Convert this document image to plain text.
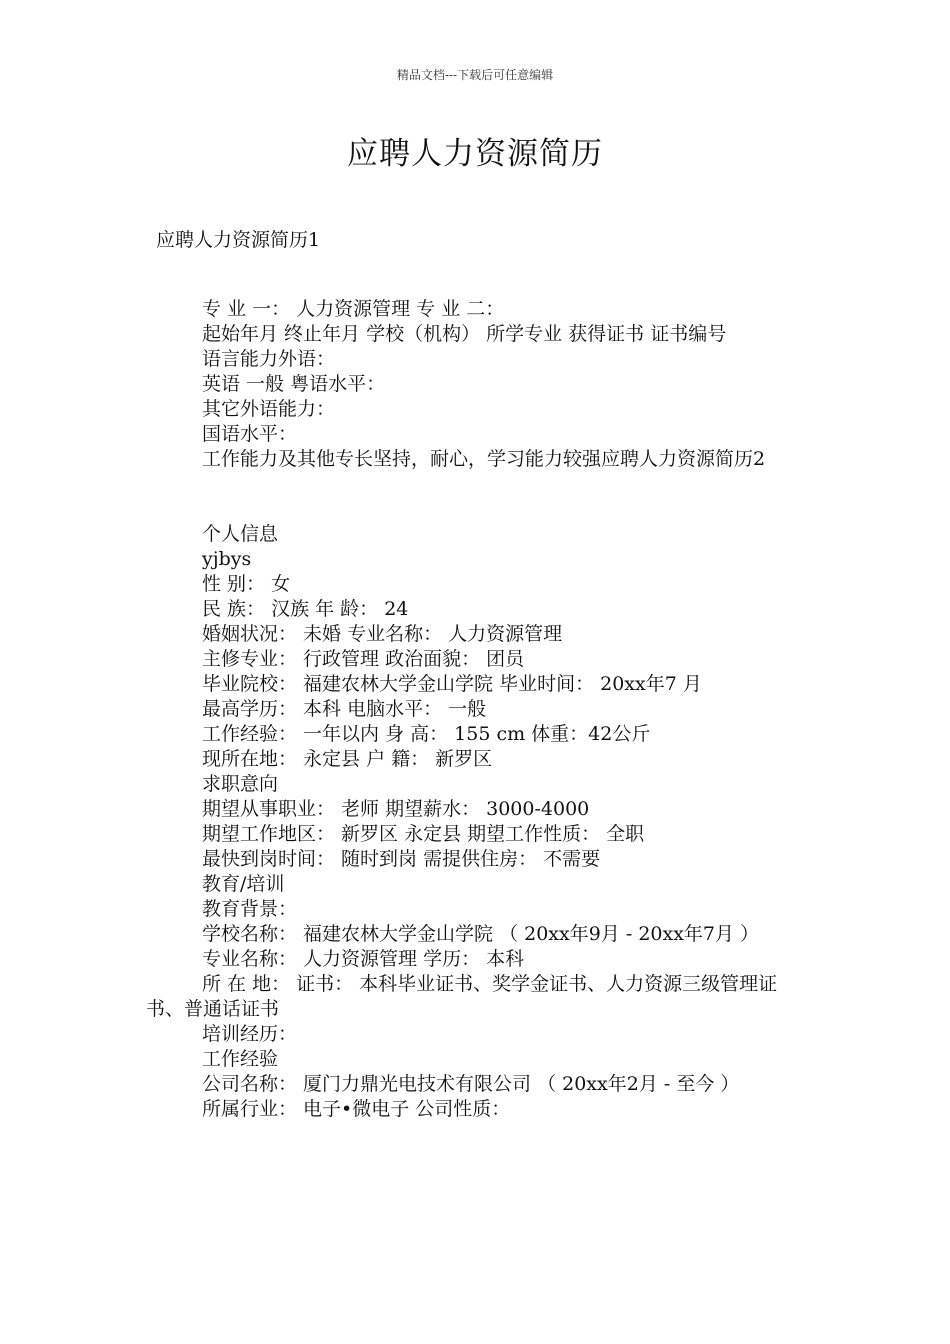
精品文档---下载后可任意编辑
应聘人力资源简历
应聘人力资源简历1

专 业 一： 人力资源管理 专 业 二：

起始年月 终止年月 学校（机构） 所学专业 获得证书 证书编号

语言能力外语：

英语 一般 粤语水平：

其它外语能力：

国语水平：

工作能力及其他专长坚持，耐心，学习能力较强应聘人力资源简历2

个人信息

yjbys

性 别： 女

民 族： 汉族 年 龄： 24

婚姻状况： 未婚 专业名称： 人力资源管理

主修专业： 行政管理 政治面貌： 团员

毕业院校： 福建农林大学金山学院 毕业时间： 20xx年7 月

最高学历： 本科 电脑水平： 一般

工作经验： 一年以内 身 高： 155 cm 体重：42公斤

现所在地： 永定县 户 籍： 新罗区

求职意向

期望从事职业： 老师 期望薪水： 3000-4000

期望工作地区： 新罗区 永定县 期望工作性质： 全职

最快到岗时间： 随时到岗 需提供住房： 不需要

教育/培训

教育背景：

学校名称： 福建农林大学金山学院 （ 20xx年9月 - 20xx年7月 ）

专业名称： 人力资源管理 学历： 本科

所 在 地： 证书： 本科毕业证书、奖学金证书、人力资源三级管理证书、普通话证书

培训经历：

工作经验

公司名称： 厦门力鼎光电技术有限公司 （ 20xx年2月 - 至今 ）

所属行业： 电子•微电子 公司性质：
